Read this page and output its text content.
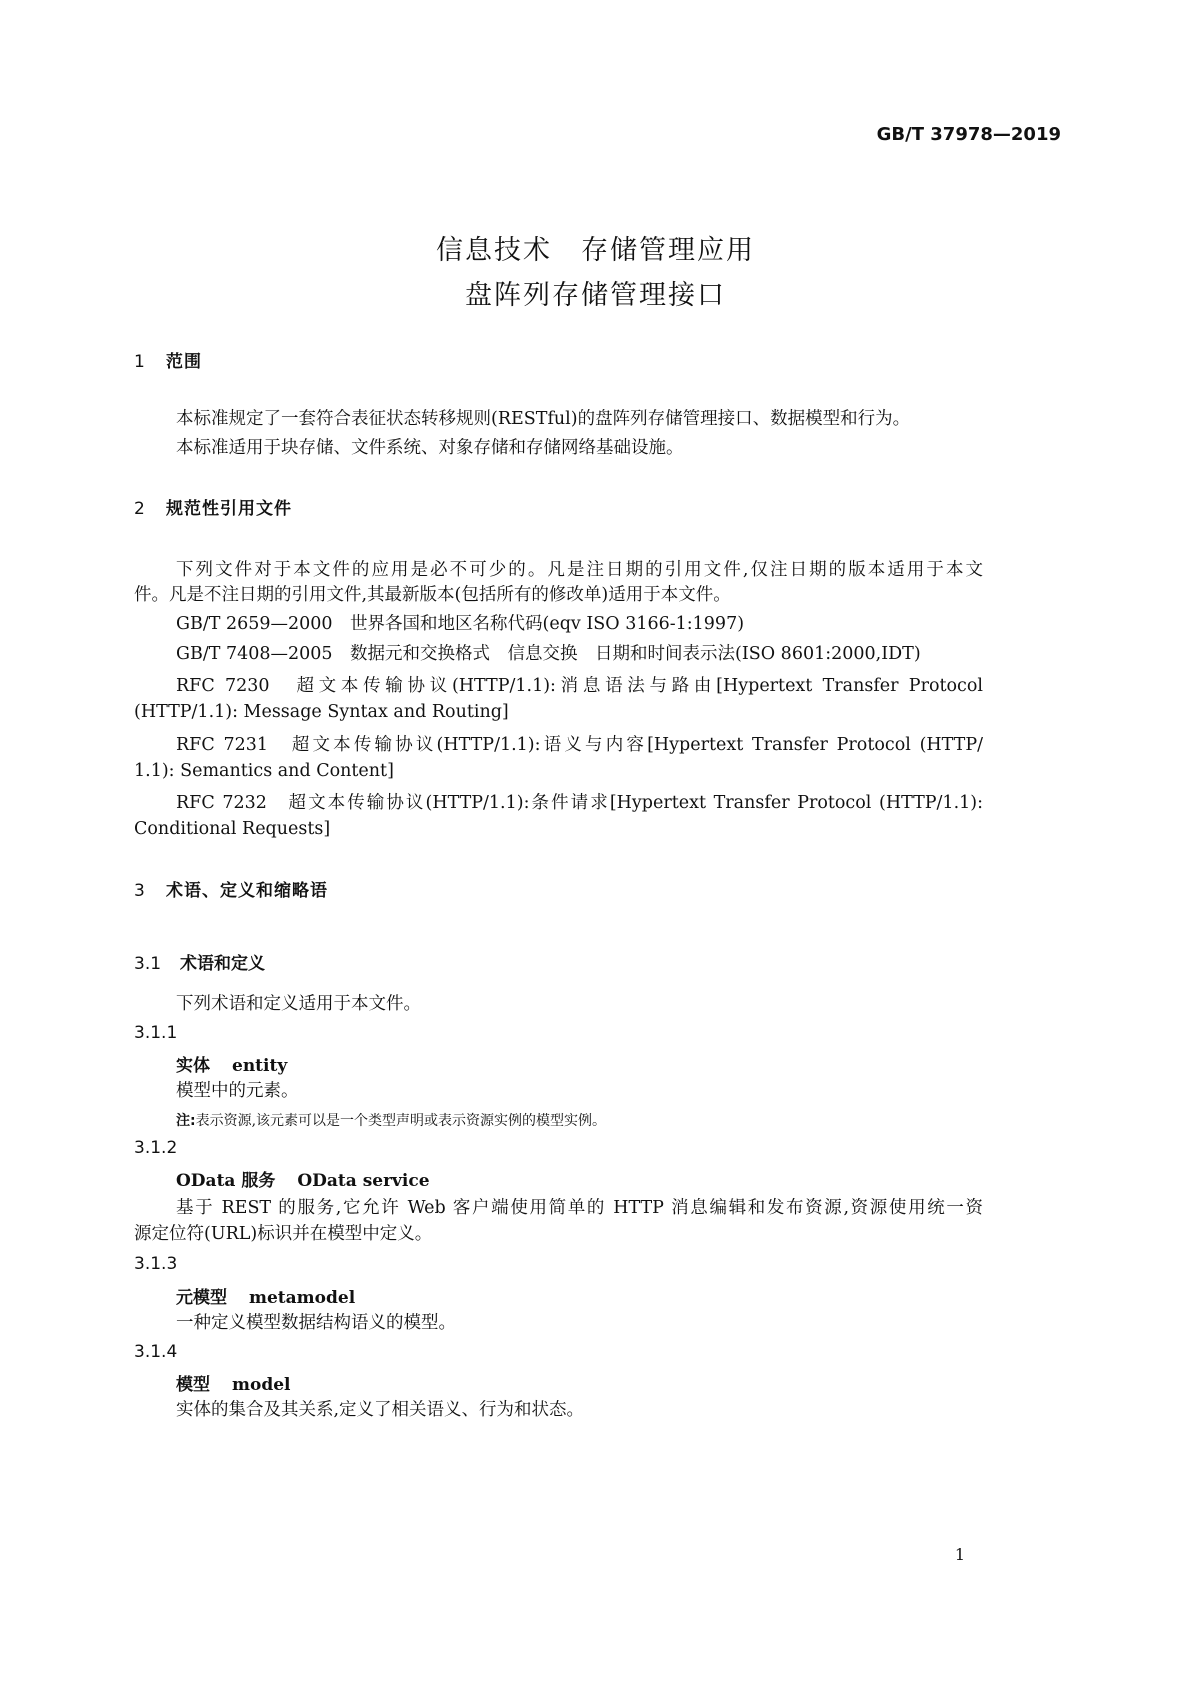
GB/T 37978—2019
信息技术　存储管理应用
盘阵列存储管理接口
1 范围
本标准规定了一套符合表征状态转移规则(RESTful)的盘阵列存储管理接口、数据模型和行为。
本标准适用于块存储、文件系统、对象存储和存储网络基础设施。
2 规范性引用文件
下列文件对于本文件的应用是必不可少的。凡是注日期的引用文件,仅注日期的版本适用于本文
件。凡是不注日期的引用文件,其最新版本(包括所有的修改单)适用于本文件。
GB/T 2659—2000　世界各国和地区名称代码(eqv ISO 3166-1:1997)
GB/T 7408—2005　数据元和交换格式　信息交换　日期和时间表示法(ISO 8601:2000,IDT)
RFC 7230　超文本传输协议(HTTP/1.1):消息语法与路由[Hypertext Transfer Protocol
(HTTP/1.1): Message Syntax and Routing]
RFC 7231　超文本传输协议(HTTP/1.1):语义与内容[Hypertext Transfer Protocol (HTTP/
1.1): Semantics and Content]
RFC 7232　超文本传输协议(HTTP/1.1):条件请求[Hypertext Transfer Protocol (HTTP/1.1):
Conditional Requests]
3 术语、定义和缩略语
3.1 术语和定义
下列术语和定义适用于本文件。
3.1.1
实体 entity
模型中的元素。
注:表示资源,该元素可以是一个类型声明或表示资源实例的模型实例。
3.1.2
OData 服务 OData service
基于 REST 的服务,它允许 Web 客户端使用简单的 HTTP 消息编辑和发布资源,资源使用统一资
源定位符(URL)标识并在模型中定义。
3.1.3
元模型 metamodel
一种定义模型数据结构语义的模型。
3.1.4
模型 model
实体的集合及其关系,定义了相关语义、行为和状态。
1
